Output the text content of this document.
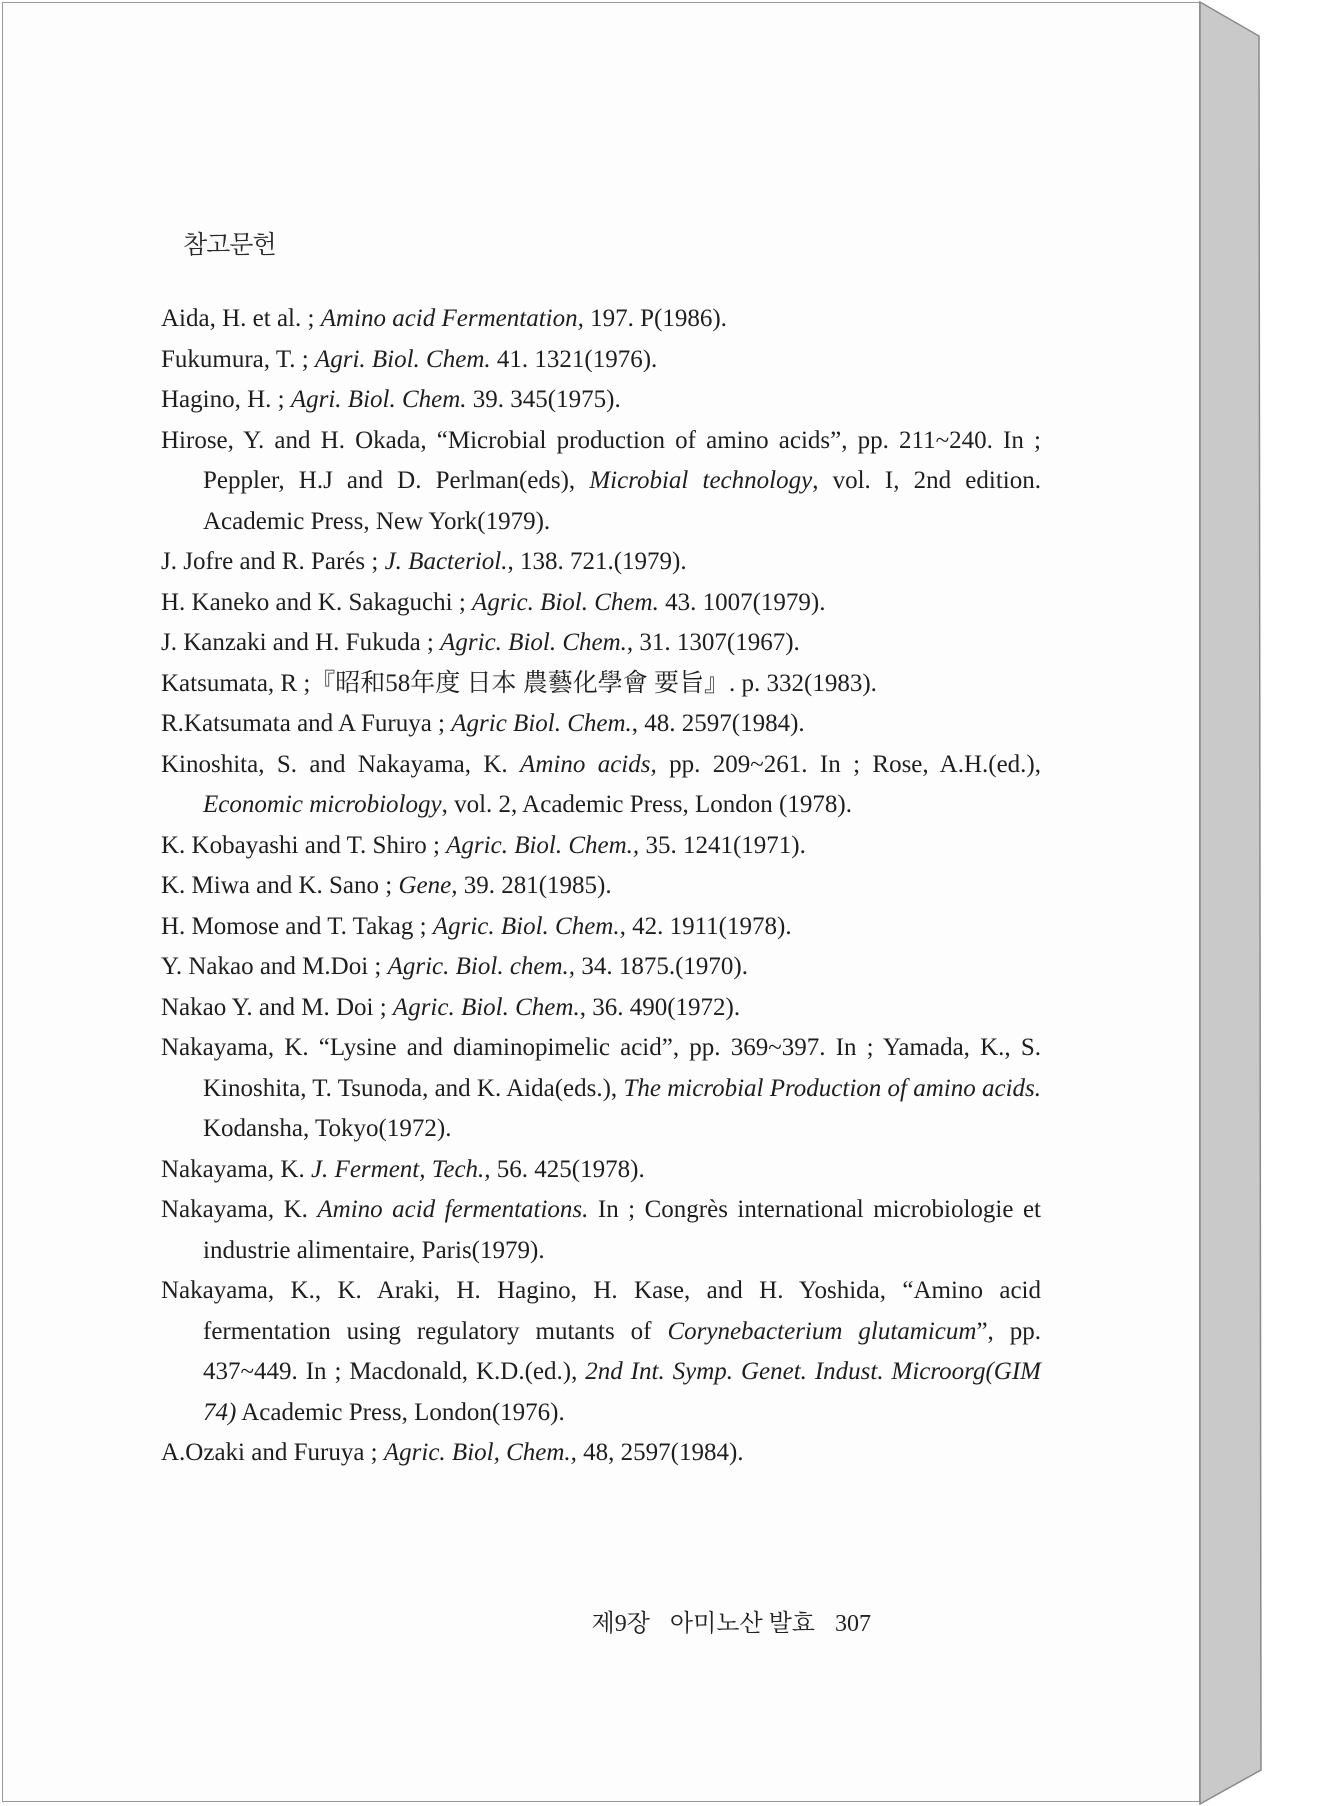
참고문헌
Aida, H. et al. ; Amino acid Fermentation, 197. P(1986).
Fukumura, T. ; Agri. Biol. Chem. 41. 1321(1976).
Hagino, H. ; Agri. Biol. Chem. 39. 345(1975).
Hirose, Y. and H. Okada, “Microbial production of amino acids”, pp. 211~240. In ; Peppler, H.J and D. Perlman(eds), Microbial technology, vol. I, 2nd edition. Academic Press, New York(1979).
J. Jofre and R. Parés ; J. Bacteriol., 138. 721.(1979).
H. Kaneko and K. Sakaguchi ; Agric. Biol. Chem. 43. 1007(1979).
J. Kanzaki and H. Fukuda ; Agric. Biol. Chem., 31. 1307(1967).
Katsumata, R ;『昭和58年度 日本 農藝化學會 要旨』. p. 332(1983).
R.Katsumata and A Furuya ; Agric Biol. Chem., 48. 2597(1984).
Kinoshita, S. and Nakayama, K. Amino acids, pp. 209~261. In ; Rose, A.H.(ed.), Economic microbiology, vol. 2, Academic Press, London (1978).
K. Kobayashi and T. Shiro ; Agric. Biol. Chem., 35. 1241(1971).
K. Miwa and K. Sano ; Gene, 39. 281(1985).
H. Momose and T. Takag ; Agric. Biol. Chem., 42. 1911(1978).
Y. Nakao and M.Doi ; Agric. Biol. chem., 34. 1875.(1970).
Nakao Y. and M. Doi ; Agric. Biol. Chem., 36. 490(1972).
Nakayama, K. “Lysine and diaminopimelic acid”, pp. 369~397. In ; Yamada, K., S. Kinoshita, T. Tsunoda, and K. Aida(eds.), The microbial Production of amino acids. Kodansha, Tokyo(1972).
Nakayama, K. J. Ferment, Tech., 56. 425(1978).
Nakayama, K. Amino acid fermentations. In ; Congrès international microbiologie et industrie alimentaire, Paris(1979).
Nakayama, K., K. Araki, H. Hagino, H. Kase, and H. Yoshida, “Amino acid fermentation using regulatory mutants of Corynebacterium glutamicum”, pp. 437~449. In ; Macdonald, K.D.(ed.), 2nd Int. Symp. Genet. Indust. Microorg(GIM 74) Academic Press, London(1976).
A.Ozaki and Furuya ; Agric. Biol, Chem., 48, 2597(1984).
제9장 아미노산 발효 307
